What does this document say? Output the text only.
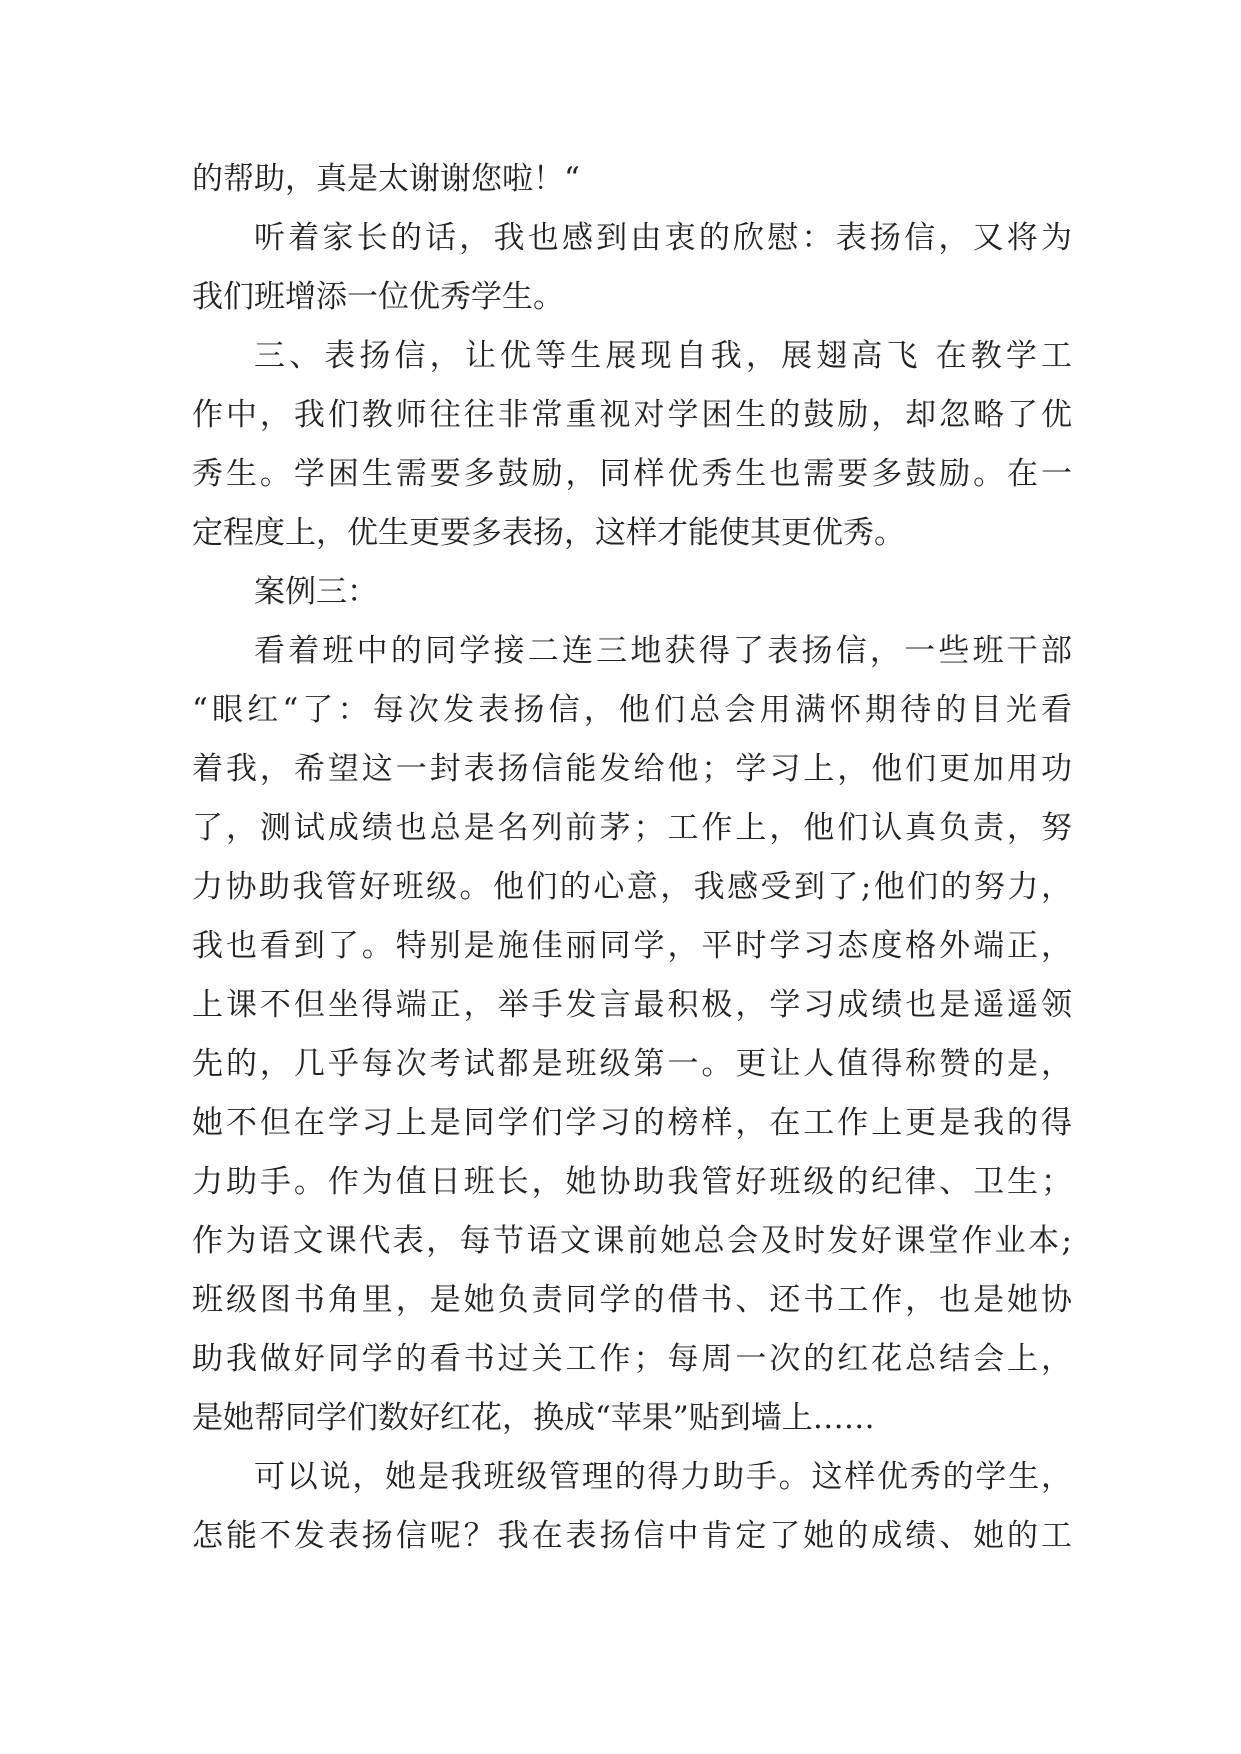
的帮助，真是太谢谢您啦！“
听着家长的话，我也感到由衷的欣慰：表扬信，又将为
我们班增添一位优秀学生。
三、表扬信，让优等生展现自我，展翅高飞 在教学工
作中，我们教师往往非常重视对学困生的鼓励，却忽略了优
秀生。学困生需要多鼓励，同样优秀生也需要多鼓励。在一
定程度上，优生更要多表扬，这样才能使其更优秀。
案例三：
看着班中的同学接二连三地获得了表扬信，一些班干部
“眼红“了：每次发表扬信，他们总会用满怀期待的目光看
着我，希望这一封表扬信能发给他；学习上，他们更加用功
了，测试成绩也总是名列前茅；工作上，他们认真负责，努
力协助我管好班级。他们的心意，我感受到了;他们的努力，
我也看到了。特别是施佳丽同学，平时学习态度格外端正，
上课不但坐得端正，举手发言最积极，学习成绩也是遥遥领
先的，几乎每次考试都是班级第一。更让人值得称赞的是，
她不但在学习上是同学们学习的榜样，在工作上更是我的得
力助手。作为值日班长，她协助我管好班级的纪律、卫生；
作为语文课代表，每节语文课前她总会及时发好课堂作业本;
班级图书角里，是她负责同学的借书、还书工作，也是她协
助我做好同学的看书过关工作；每周一次的红花总结会上，
是她帮同学们数好红花，换成“苹果”贴到墙上……
可以说，她是我班级管理的得力助手。这样优秀的学生，
怎能不发表扬信呢？我在表扬信中肯定了她的成绩、她的工
